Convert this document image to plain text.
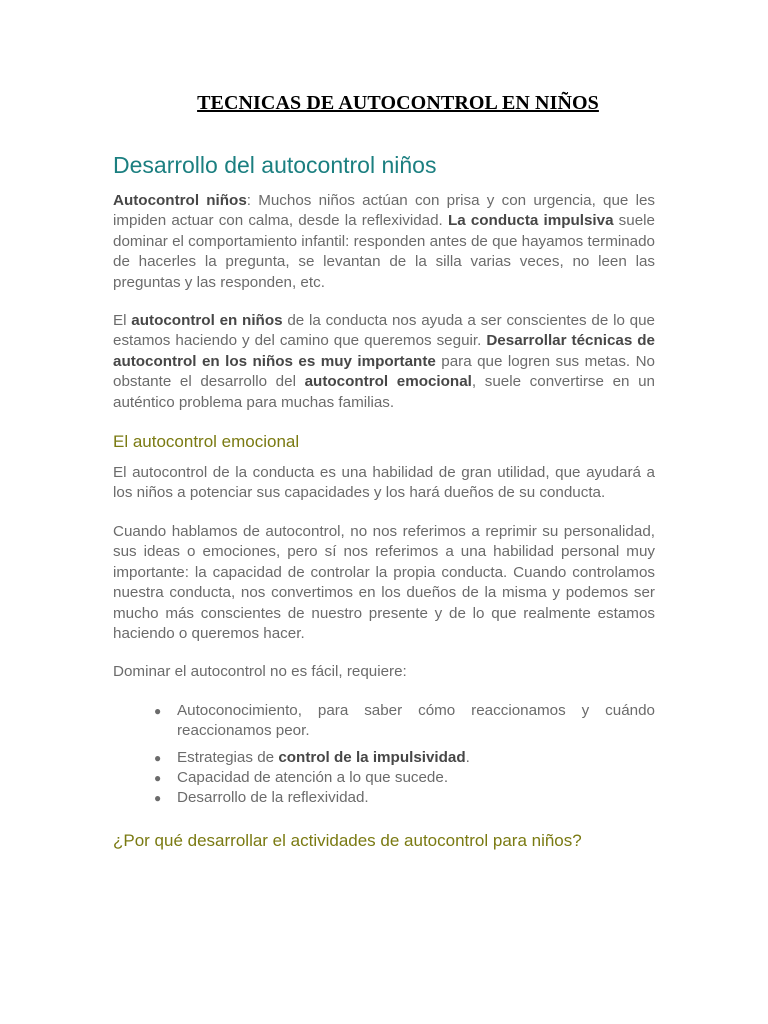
TECNICAS DE AUTOCONTROL EN NIÑOS
Desarrollo del autocontrol niños

Autocontrol niños: Muchos niños actúan con prisa y con urgencia, que les impiden actuar con calma, desde la reflexividad. La conducta impulsiva suele dominar el comportamiento infantil: responden antes de que hayamos terminado de hacerles la pregunta, se levantan de la silla varias veces, no leen las preguntas y las responden, etc.

El autocontrol en niños de la conducta nos ayuda a ser conscientes de lo que estamos haciendo y del camino que queremos seguir. Desarrollar técnicas de autocontrol en los niños es muy importante para que logren sus metas. No obstante el desarrollo del autocontrol emocional, suele convertirse en un auténtico problema para muchas familias.

El autocontrol emocional

El autocontrol de la conducta es una habilidad de gran utilidad, que ayudará a los niños a potenciar sus capacidades y los hará dueños de su conducta.

Cuando hablamos de autocontrol, no nos referimos a reprimir su personalidad, sus ideas o emociones, pero sí nos referimos a una habilidad personal muy importante: la capacidad de controlar la propia conducta. Cuando controlamos nuestra conducta, nos convertimos en los dueños de la misma y podemos ser mucho más conscientes de nuestro presente y de lo que realmente estamos haciendo o queremos hacer.

Dominar el autocontrol no es fácil, requiere:

● Autoconocimiento, para saber cómo reaccionamos y cuándo reaccionamos peor.
● Estrategias de control de la impulsividad.
● Capacidad de atención a lo que sucede.
● Desarrollo de la reflexividad.
¿Por qué desarrollar el actividades de autocontrol para niños?
